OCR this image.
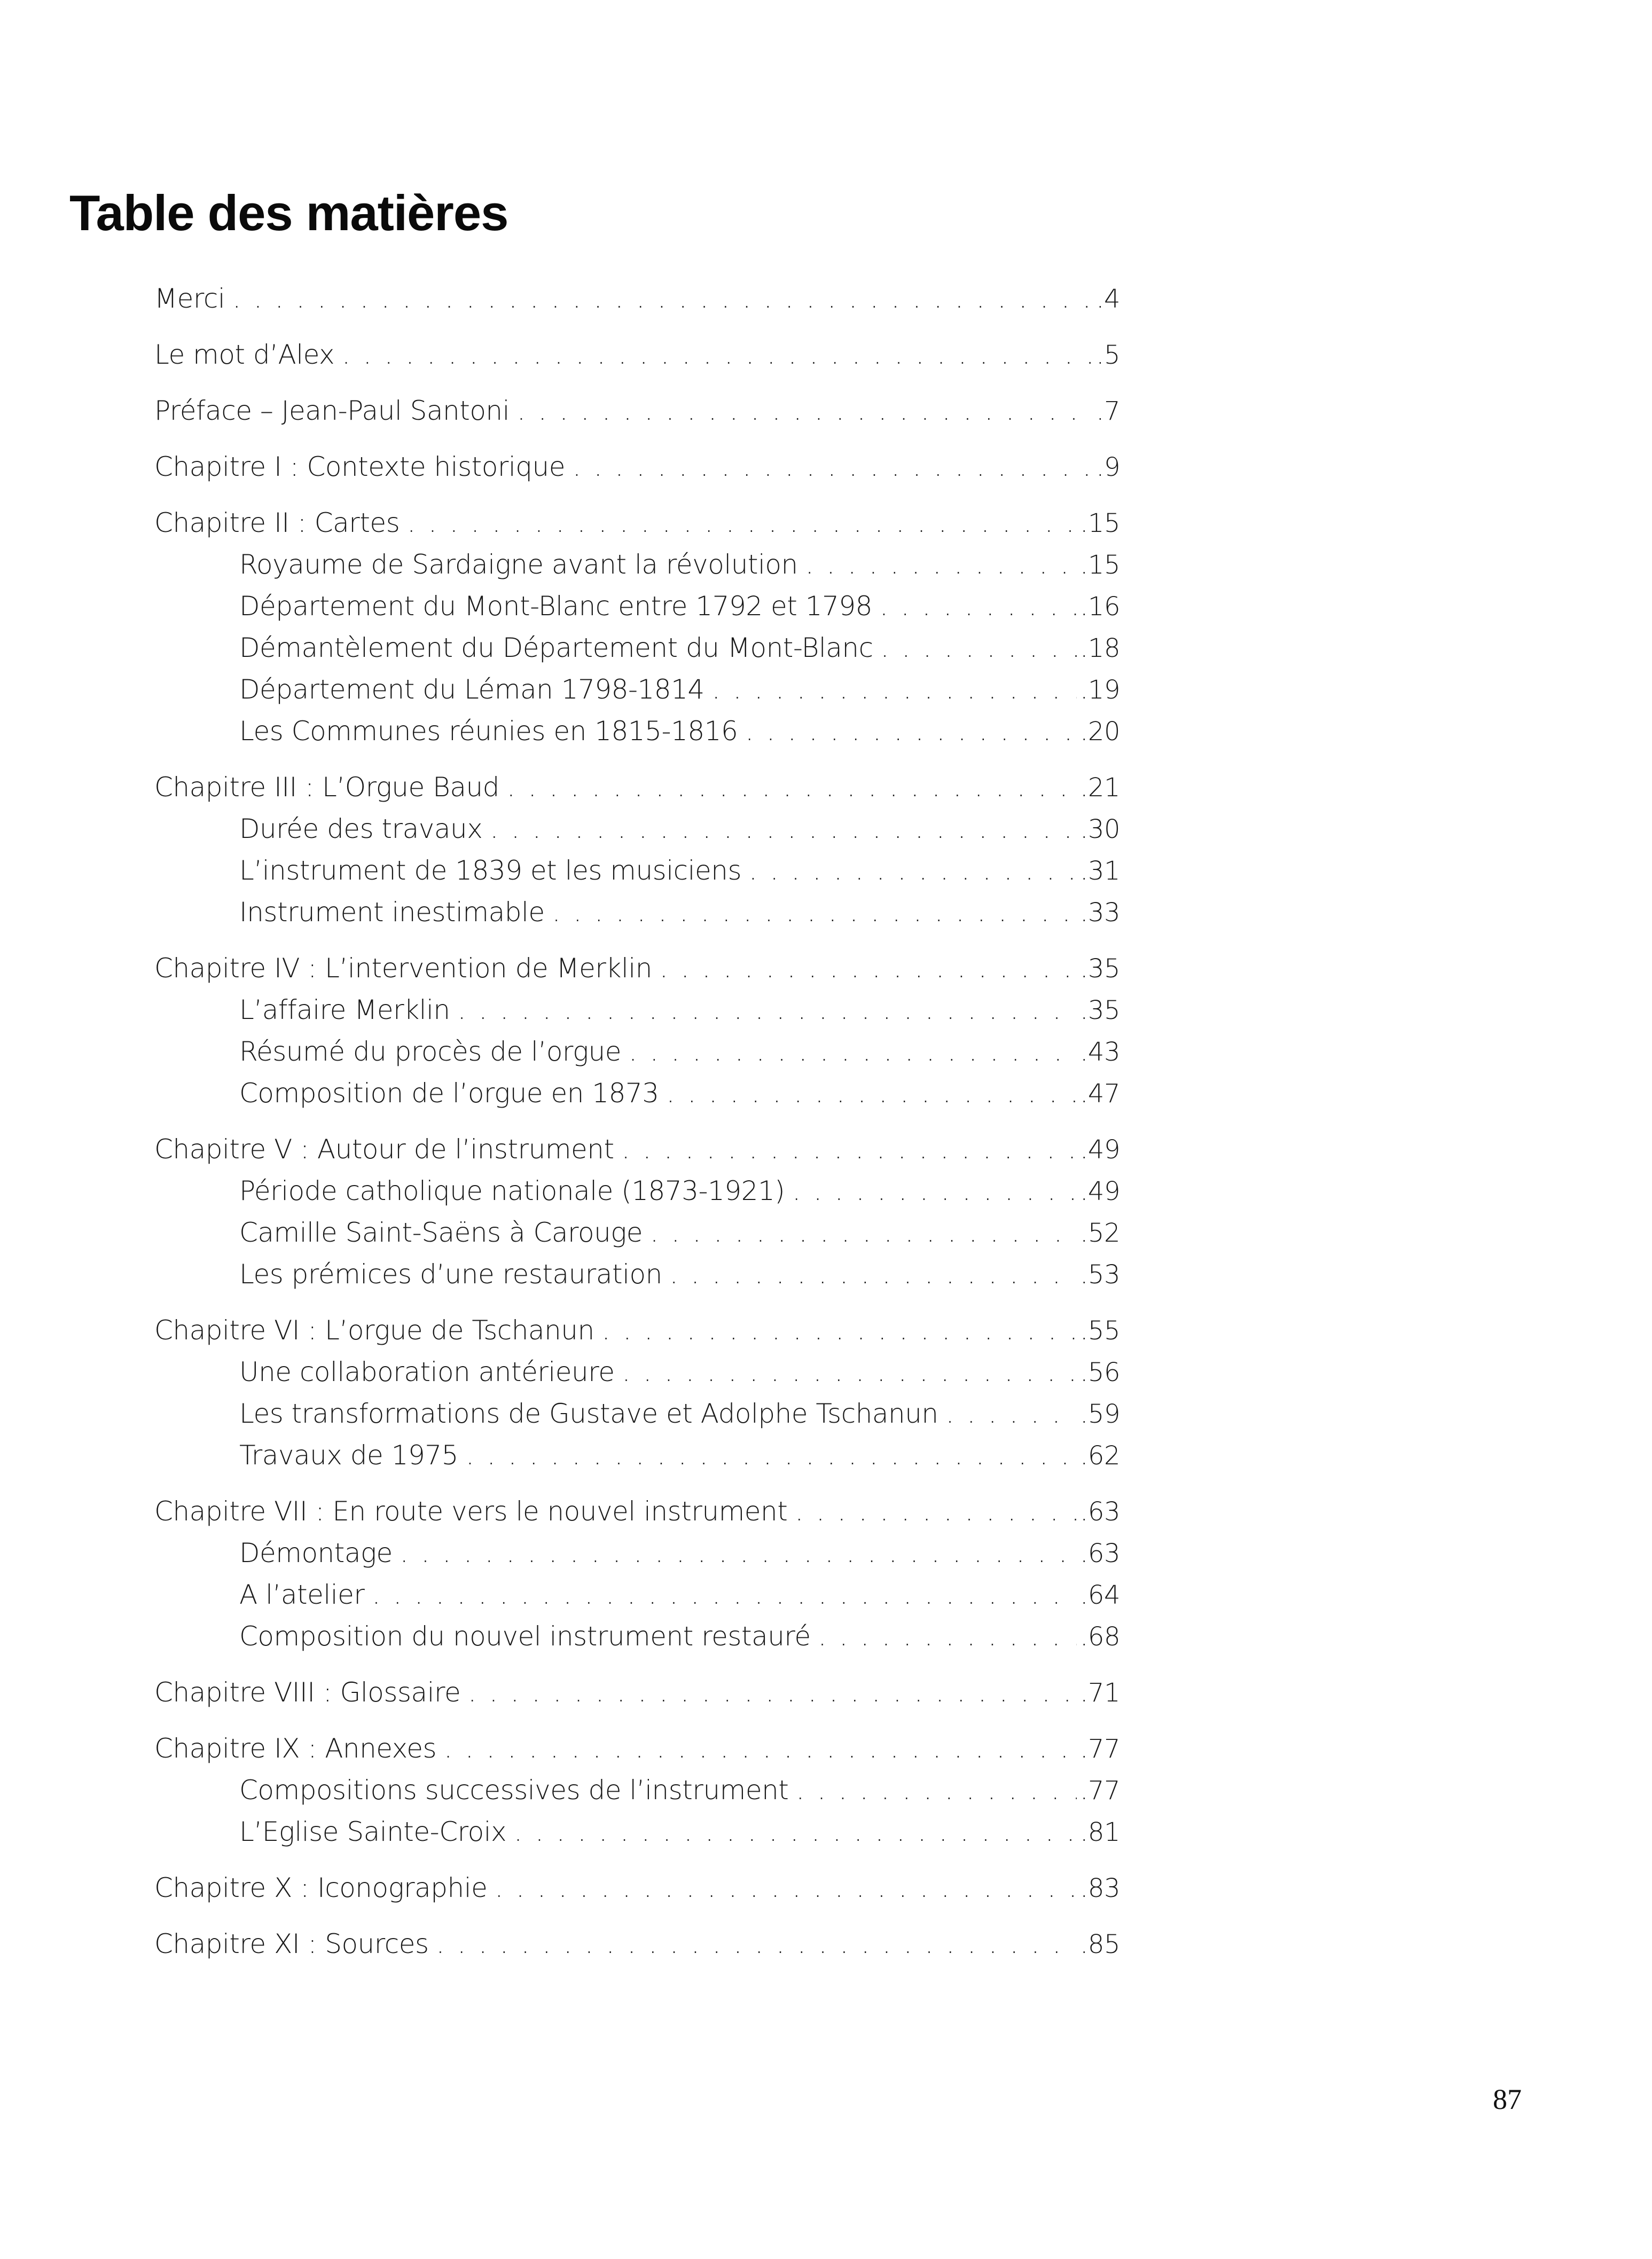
Table des matières
Merci . . .	.4
Le mot d’Alex . . .	.5
Préface – Jean-Paul Santoni . . .	.7
Chapitre I : Contexte historique . . .	.9
Chapitre II : Cartes . . .	.15
Royaume de Sardaigne avant la révolution . . .	.15
Département du Mont-Blanc entre 1792 et 1798 . . .	.16
Démantèlement du Département du Mont-Blanc . . .	.18
Département du Léman 1798-1814 . . .	.19
Les Communes réunies en 1815-1816 . . .	.20
Chapitre III : L’Orgue Baud . . .	.21
Durée des travaux . . .	.30
L’instrument de 1839 et les musiciens . . .	.31
Instrument inestimable . . .	.33
Chapitre IV : L’intervention de Merklin . . .	.35
L’affaire Merklin . . .	.35
Résumé du procès de l’orgue . . .	.43
Composition de l’orgue en 1873 . . .	.47
Chapitre V : Autour de l’instrument . . .	.49
Période catholique nationale (1873-1921) . . .	.49
Camille Saint-Saëns à Carouge . . .	.52
Les prémices d’une restauration . . .	.53
Chapitre VI : L’orgue de Tschanun . . .	.55
Une collaboration antérieure . . .	.56
Les transformations de Gustave et Adolphe Tschanun . . .	.59
Travaux de 1975 . . .	.62
Chapitre VII : En route vers le nouvel instrument . . .	.63
Démontage . . .	.63
A l’atelier . . .	.64
Composition du nouvel instrument restauré . . .	.68
Chapitre VIII : Glossaire . . .	.71
Chapitre IX : Annexes . . .	.77
Compositions successives de l’instrument . . .	.77
L’Eglise Sainte-Croix . . .	.81
Chapitre X : Iconographie . . .	.83
Chapitre XI : Sources . . .	.85
87
